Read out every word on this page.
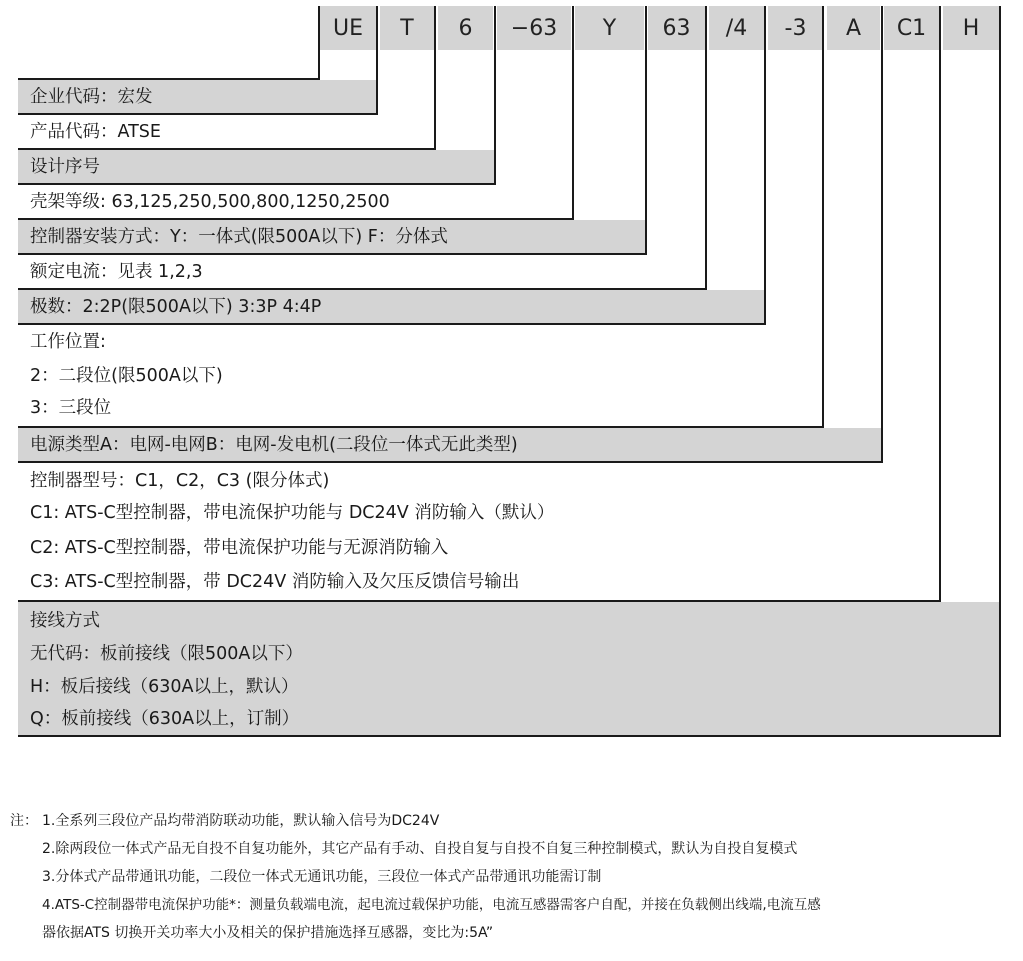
UE	T	6	−63	Y	63	/4	-3	A	C1	H
企业代码：宏发
产品代码：ATSE
设计序号
壳架等级: 63,125,250,500,800,1250,2500
控制器安装方式：Y：一体式(限500A以下) F：分体式
额定电流：见表 1,2,3
极数：2:2P(限500A以下) 3:3P 4:4P
工作位置:
2：二段位(限500A以下)
3：三段位
电源类型A：电网-电网B：电网-发电机(二段位一体式无此类型)
控制器型号：C1，C2，C3 (限分体式)
C1: ATS-C型控制器，带电流保护功能与 DC24V 消防输入（默认）
C2: ATS-C型控制器，带电流保护功能与无源消防输入
C3: ATS-C型控制器，带 DC24V 消防输入及欠压反馈信号输出
接线方式
无代码：板前接线（限500A以下）
H：板后接线（630A以上，默认）
Q：板前接线（630A以上，订制）
注： 1.全系列三段位产品均带消防联动功能，默认输入信号为DC24V
2.除两段位一体式产品无自投不自复功能外，其它产品有手动、自投自复与自投不自复三种控制模式，默认为自投自复模式
3.分体式产品带通讯功能，二段位一体式无通讯功能，三段位一体式产品带通讯功能需订制
4.ATS-C控制器带电流保护功能*：测量负载端电流，起电流过载保护功能，电流互感器需客户自配，并接在负载侧出线端,电流互感
器依据ATS 切换开关功率大小及相关的保护措施选择互感器，变比为:5A”
